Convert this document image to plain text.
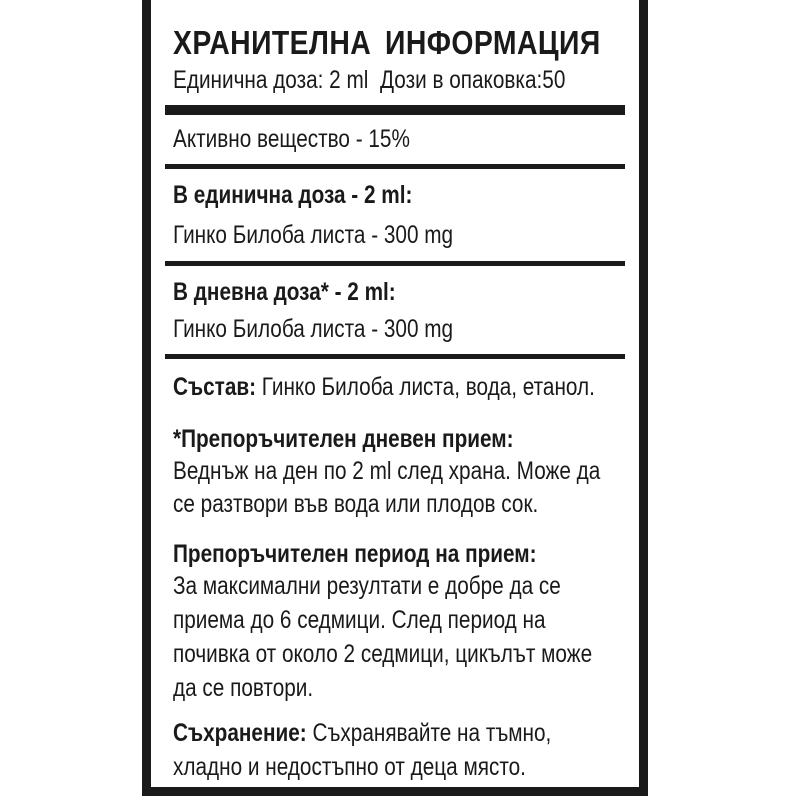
ХРАНИТЕЛНА ИНФОРМАЦИЯ
Единична доза: 2 ml Дози в опаковка:50
Активно вещество - 15%
В единична доза - 2 ml:
Гинко Билоба листа - 300 mg
В дневна доза* - 2 ml:
Гинко Билоба листа - 300 mg
Състав: Гинко Билоба листа, вода, етанол.
*Препоръчителен дневен прием:
Веднъж на ден по 2 ml след храна. Може да
се разтвори във вода или плодов сок.
Препоръчителен период на прием:
За максимални резултати е добре да се
приема до 6 седмици. След период на
почивка от около 2 седмици, цикълът може
да се повтори.
Съхранение: Съхранявайте на тъмно,
хладно и недостъпно от деца място.
